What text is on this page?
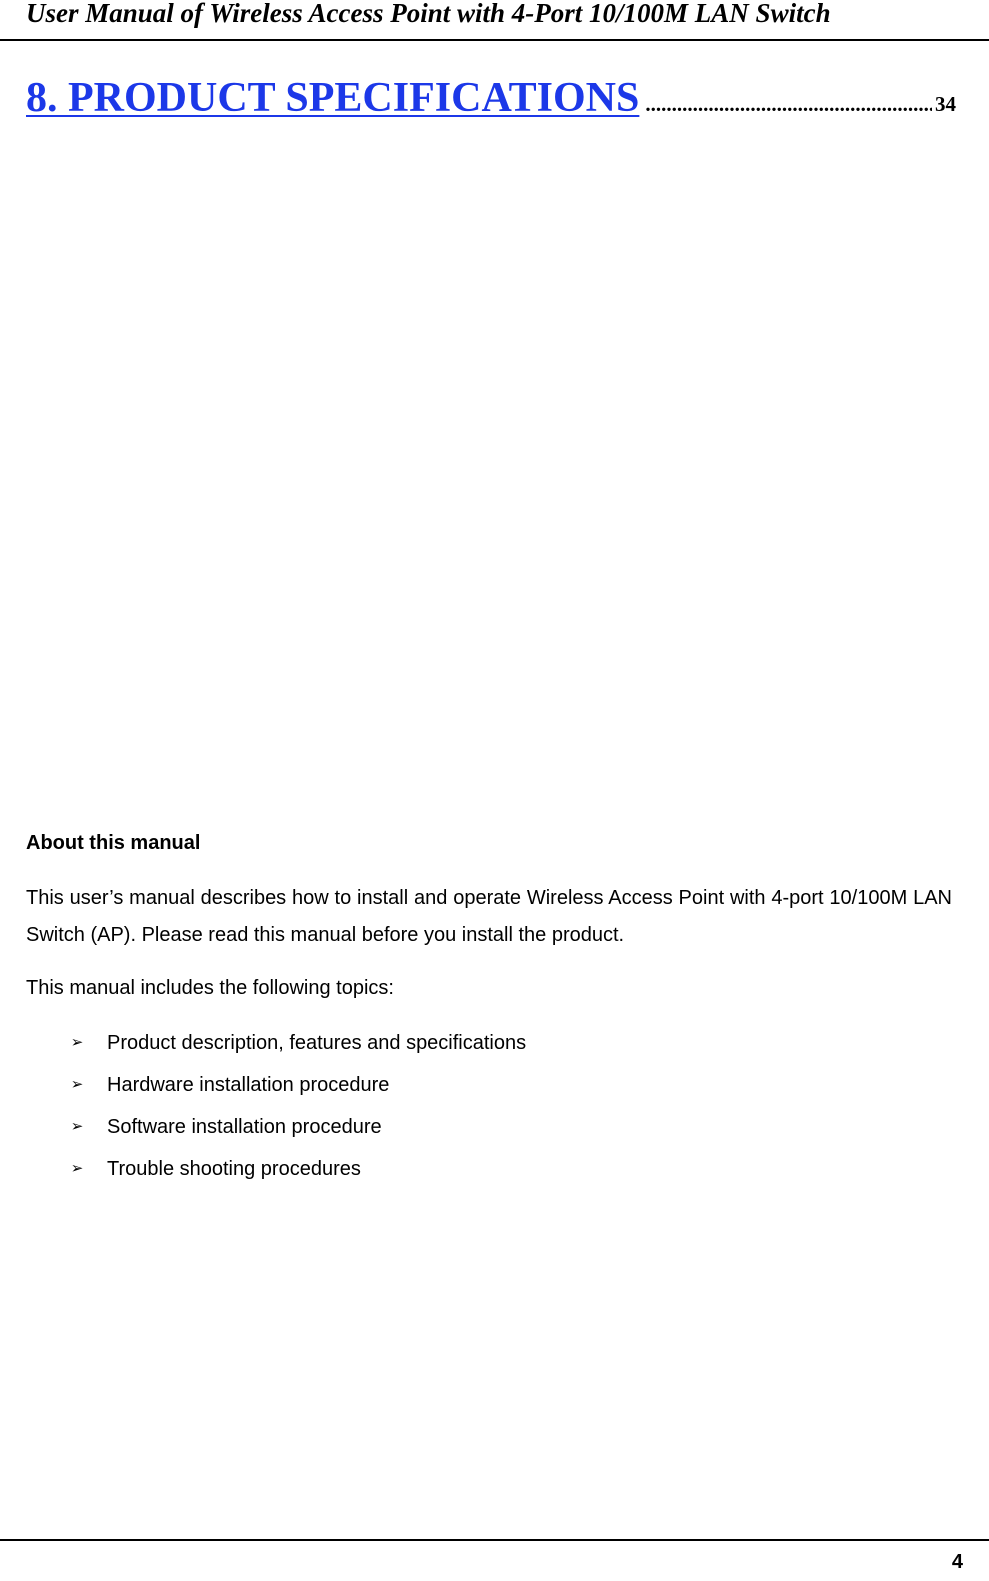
User Manual of Wireless Access Point with 4-Port 10/100M LAN Switch
8. PRODUCT SPECIFICATIONS
.....	34
About this manual

This user’s manual describes how to install and operate Wireless Access Point with 4-port 10/100M LAN Switch (AP). Please read this manual before you install the product.

This manual includes the following topics:

➢ Product description, features and specifications
➢ Hardware installation procedure
➢ Software installation procedure
➢ Trouble shooting procedures
4
